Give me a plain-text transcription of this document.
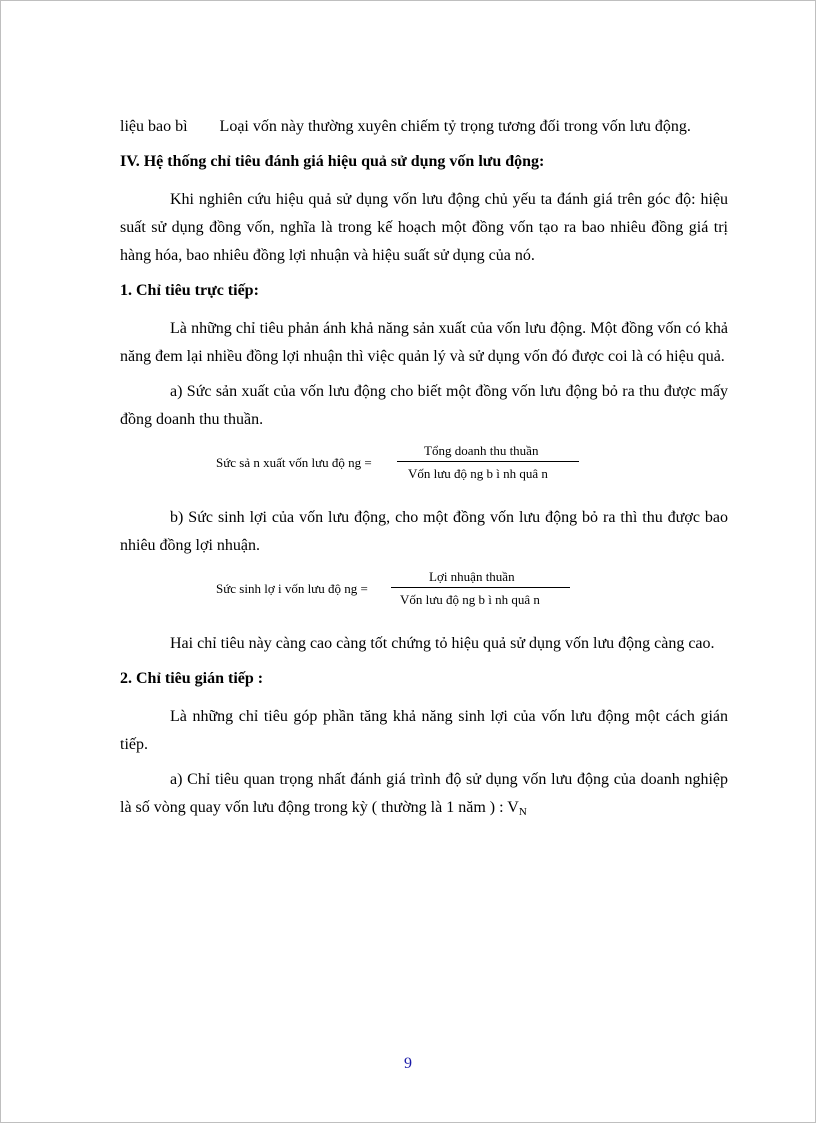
liệu bao bì Loại vốn này thường xuyên chiếm tỷ trọng tương đối trong vốn lưu động.

IV. Hệ thống chỉ tiêu đánh giá hiệu quả sử dụng vốn lưu động:

Khi nghiên cứu hiệu quả sử dụng vốn lưu động chủ yếu ta đánh giá trên góc độ: hiệu suất sử dụng đồng vốn, nghĩa là trong kế hoạch một đồng vốn tạo ra bao nhiêu đồng giá trị hàng hóa, bao nhiêu đồng lợi nhuận và hiệu suất sử dụng của nó.

1. Chỉ tiêu trực tiếp:

Là những chỉ tiêu phản ánh khả năng sản xuất của vốn lưu động. Một đồng vốn có khả năng đem lại nhiều đồng lợi nhuận thì việc quản lý và sử dụng vốn đó được coi là có hiệu quả.

a) Sức sản xuất của vốn lưu động cho biết một đồng vốn lưu động bỏ ra thu được mấy đồng doanh thu thuần.

Sức sả n xuất vốn lưu độ ng =
Tổng doanh thu thuần
Vốn lưu độ ng b ì nh quâ n

b) Sức sinh lợi của vốn lưu động, cho một đồng vốn lưu động bỏ ra thì thu được bao nhiêu đồng lợi nhuận.

Sức sinh lợ i vốn lưu độ ng =
Lợi nhuận thuần
Vốn lưu độ ng b ì nh quâ n

Hai chỉ tiêu này càng cao càng tốt chứng tỏ hiệu quả sử dụng vốn lưu động càng cao.

2. Chỉ tiêu gián tiếp :

Là những chỉ tiêu góp phần tăng khả năng sinh lợi của vốn lưu động một cách gián tiếp.

a) Chỉ tiêu quan trọng nhất đánh giá trình độ sử dụng vốn lưu động của doanh nghiệp là số vòng quay vốn lưu động trong kỳ ( thường là 1 năm ) : $V_N$

9
